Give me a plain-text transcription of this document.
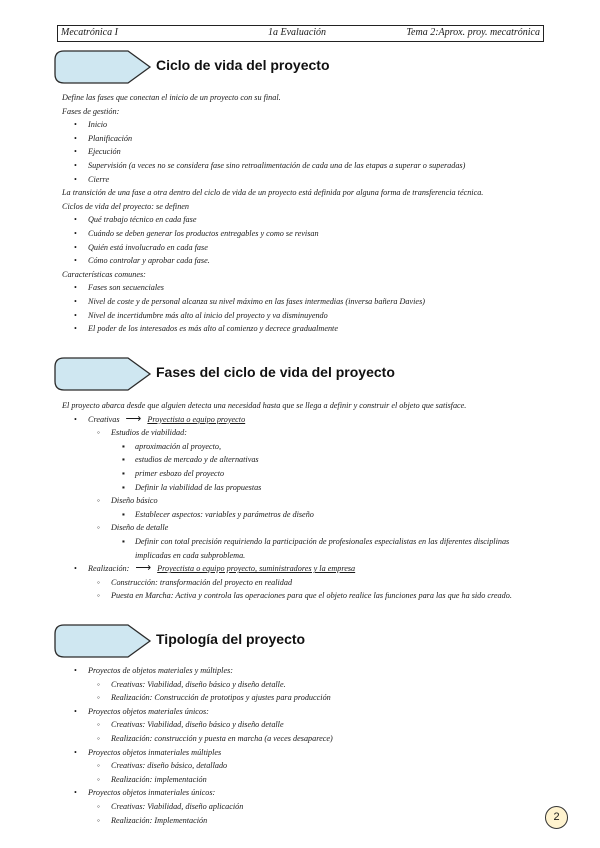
Mecatrónica I	1a Evaluación	Tema 2:Aprox. proy. mecatrónica
Ciclo de vida del proyecto
Define las fases que conectan el inicio de un proyecto con su final.
Fases de gestión:
• Inicio
• Planificación
• Ejecución
• Supervisión (a veces no se considera fase sino retroalimentación de cada una de las etapas a superar o superadas)
• Cierre
La transición de una fase a otra dentro del ciclo de vida de un proyecto está definida por alguna forma de transferencia técnica.
Ciclos de vida del proyecto: se definen
• Qué trabajo técnico en cada fase
• Cuándo se deben generar los productos entregables y como se revisan
• Quién está involucrado en cada fase
• Cómo controlar y aprobar cada fase.
Características comunes:
• Fases son secuenciales
• Nivel de coste y de personal alcanza su nivel máximo en las fases intermedias (inversa bañera Davies)
• Nivel de incertidumbre más alto al inicio del proyecto y va disminuyendo
• El poder de los interesados es más alto al comienzo y decrece gradualmente
Fases del ciclo de vida del proyecto
El proyecto abarca desde que alguien detecta una necesidad hasta que se llega a definir y construir el objeto que satisface.
• Creativas ⟶ Proyectista o equipo proyecto
◦ Estudios de viabilidad:
▪ aproximación al proyecto,
▪ estudios de mercado y de alternativas
▪ primer esbozo del proyecto
▪ Definir la viabilidad de las propuestas
◦ Diseño básico
▪ Establecer aspectos: variables y parámetros de diseño
◦ Diseño de detalle
▪ Definir con total precisión requiriendo la participación de profesionales especialistas en las diferentes disciplinas implicadas en cada subproblema.
• Realización: ⟶ Proyectista o equipo proyecto, suministradores y la empresa
◦ Construcción: transformación del proyecto en realidad
◦ Puesta en Marcha: Activa y controla las operaciones para que el objeto realice las funciones para las que ha sido creado.
Tipología del proyecto
• Proyectos de objetos materiales y múltiples:
◦ Creativas: Viabilidad, diseño básico y diseño detalle.
◦ Realización: Construcción de prototipos y ajustes para producción
• Proyectos objetos materiales únicos:
◦ Creativas: Viabilidad, diseño básico y diseño detalle
◦ Realización: construcción y puesta en marcha (a veces desaparece)
• Proyectos objetos inmateriales múltiples
◦ Creativas: diseño básico, detallado
◦ Realización: implementación
• Proyectos objetos inmateriales únicos:
◦ Creativas: Viabilidad, diseño aplicación
◦ Realización: Implementación	2
